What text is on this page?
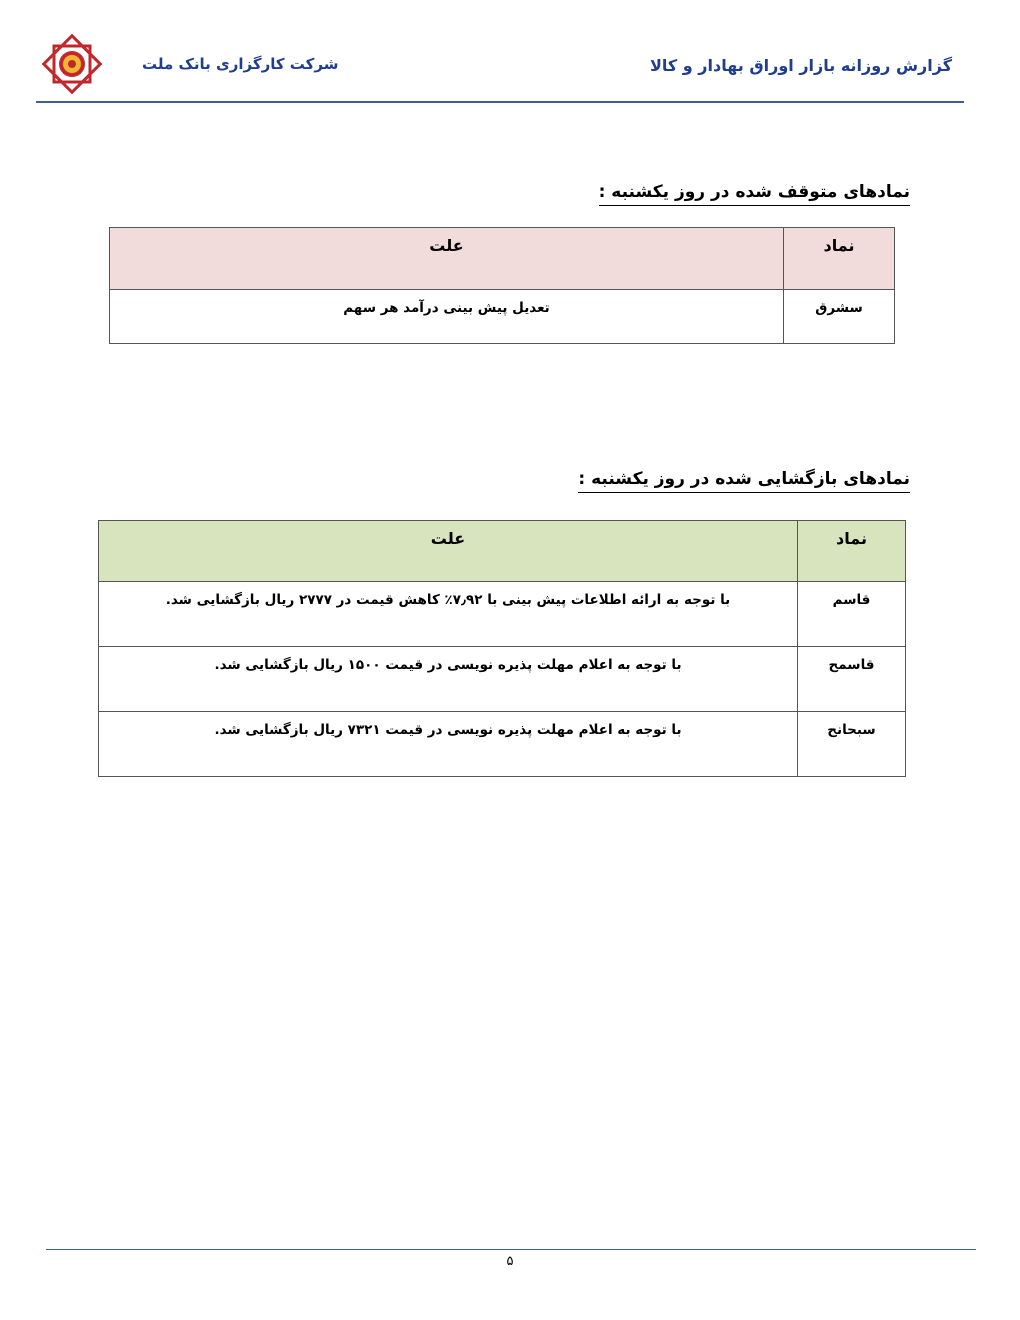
شرکت کارگزاری بانک ملت	گزارش روزانه بازار اوراق بهادار و کالا
نمادهای متوقف شده در روز یکشنبه :
نماد	علت
سشرق	تعدیل پیش بینی درآمد هر سهم
نمادهای بازگشایی شده در روز یکشنبه :
نماد	علت
قاسم	با توجه به ارائه اطلاعات پیش بینی با ۷٫۹۲٪ کاهش قیمت در ۲۷۷۷ ریال بازگشایی شد.
قاسمح	با توجه به اعلام مهلت پذیره نویسی در قیمت ۱۵۰۰ ریال بازگشایی شد.
سبحانح	با توجه به اعلام مهلت پذیره نویسی در قیمت ۷۳۲۱ ریال بازگشایی شد.
۵
